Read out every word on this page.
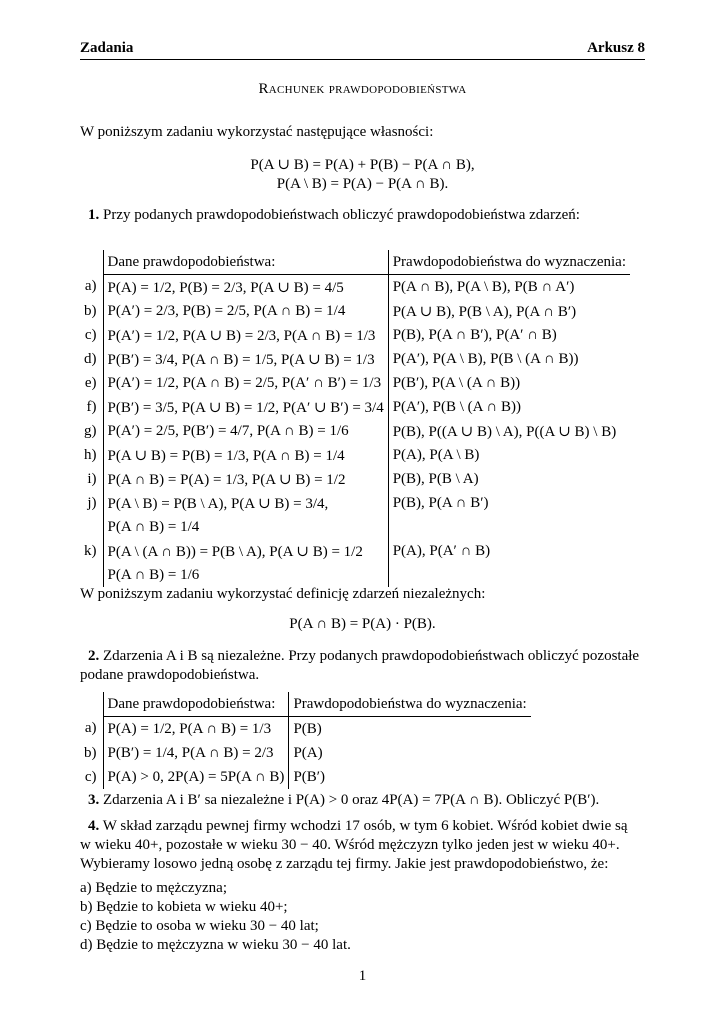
Zadania	Arkusz 8
Rachunek prawdopodobieństwa
W poniższym zadaniu wykorzystać następujące własności:
P(A ∪ B) = P(A) + P(B) − P(A ∩ B),
P(A \ B) = P(A) − P(A ∩ B).
1. Przy podanych prawdopodobieństwach obliczyć prawdopodobieństwa zdarzeń:
	Dane prawdopodobieństwa:	Prawdopodobieństwa do wyznaczenia:
a)	P(A) = 1/2, P(B) = 2/3, P(A ∪ B) = 4/5	P(A ∩ B), P(A \ B), P(B ∩ A′)
b)	P(A′) = 2/3, P(B) = 2/5, P(A ∩ B) = 1/4	P(A ∪ B), P(B \ A), P(A ∩ B′)
c)	P(A′) = 1/2, P(A ∪ B) = 2/3, P(A ∩ B) = 1/3	P(B), P(A ∩ B′), P(A′ ∩ B)
d)	P(B′) = 3/4, P(A ∩ B) = 1/5, P(A ∪ B) = 1/3	P(A′), P(A \ B), P(B \ (A ∩ B))
e)	P(A′) = 1/2, P(A ∩ B) = 2/5, P(A′ ∩ B′) = 1/3	P(B′), P(A \ (A ∩ B))
f)	P(B′) = 3/5, P(A ∪ B) = 1/2, P(A′ ∪ B′) = 3/4	P(A′), P(B \ (A ∩ B))
g)	P(A′) = 2/5, P(B′) = 4/7, P(A ∩ B) = 1/6	P(B), P((A ∪ B) \ A), P((A ∪ B) \ B)
h)	P(A ∪ B) = P(B) = 1/3, P(A ∩ B) = 1/4	P(A), P(A \ B)
i)	P(A ∩ B) = P(A) = 1/3, P(A ∪ B) = 1/2	P(B), P(B \ A)
j)	P(A \ B) = P(B \ A), P(A ∪ B) = 3/4,	P(B), P(A ∩ B′)
	P(A ∩ B) = 1/4	
k)	P(A \ (A ∩ B)) = P(B \ A), P(A ∪ B) = 1/2	P(A), P(A′ ∩ B)
	P(A ∩ B) = 1/6	
W poniższym zadaniu wykorzystać definicję zdarzeń niezależnych:
P(A ∩ B) = P(A) · P(B).
2. Zdarzenia A i B są niezależne. Przy podanych prawdopodobieństwach obliczyć pozostałe
podane prawdopodobieństwa.
	Dane prawdopodobieństwa:	Prawdopodobieństwa do wyznaczenia:
a)	P(A) = 1/2, P(A ∩ B) = 1/3	P(B)
b)	P(B′) = 1/4, P(A ∩ B) = 2/3	P(A)
c)	P(A) > 0, 2P(A) = 5P(A ∩ B)	P(B′)
3. Zdarzenia A i B′ sa niezależne i P(A) > 0 oraz 4P(A) = 7P(A ∩ B). Obliczyć P(B′).
4. W skład zarządu pewnej firmy wchodzi 17 osób, w tym 6 kobiet. Wśród kobiet dwie są
w wieku 40+, pozostałe w wieku 30 − 40. Wśród mężczyzn tylko jeden jest w wieku 40+.
Wybieramy losowo jedną osobę z zarządu tej firmy. Jakie jest prawdopodobieństwo, że:
a) Będzie to mężczyzna;
b) Będzie to kobieta w wieku 40+;
c) Będzie to osoba w wieku 30 − 40 lat;
d) Będzie to mężczyzna w wieku 30 − 40 lat.
1
